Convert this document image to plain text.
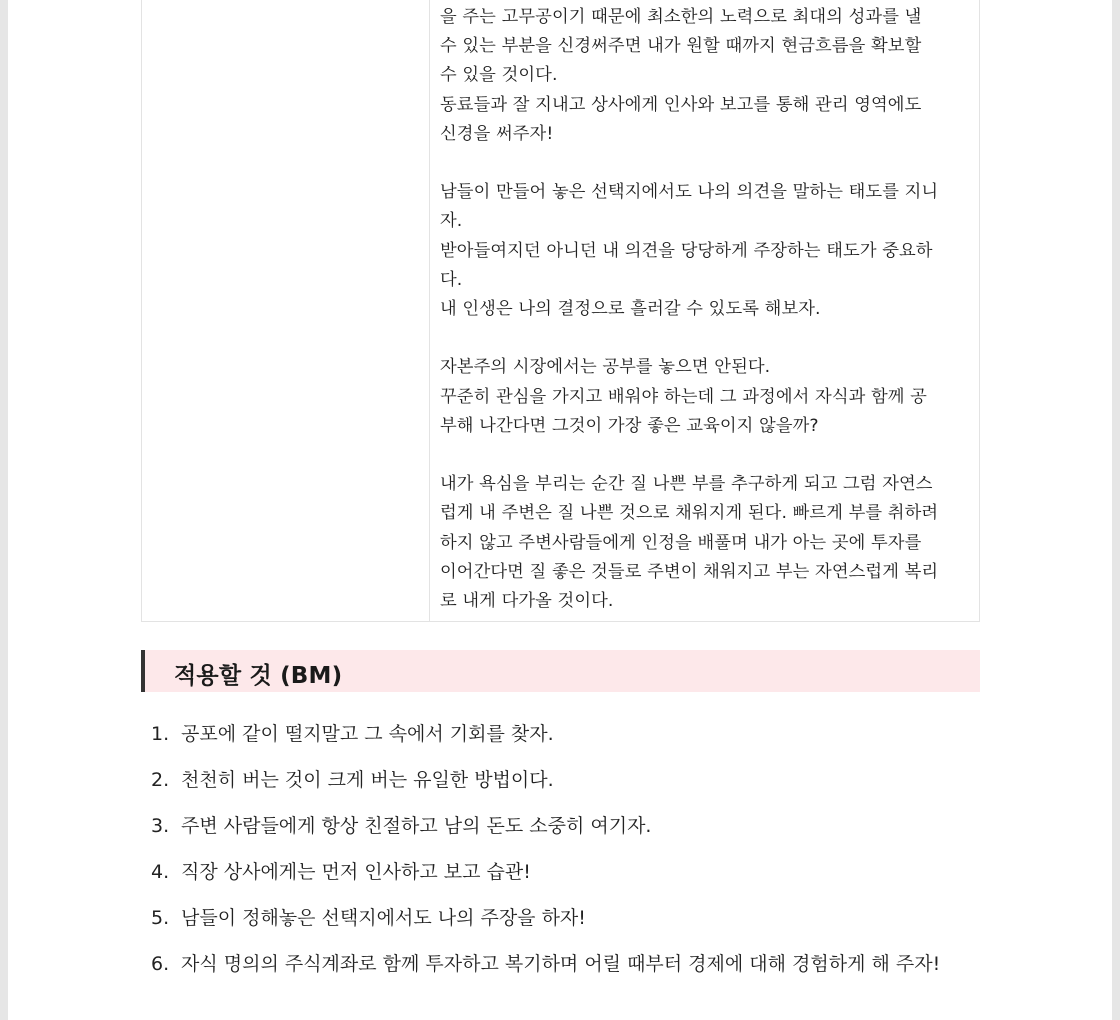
을 주는 고무공이기 때문에 최소한의 노력으로 최대의 성과를 낼

수 있는 부분을 신경써주면 내가 원할 때까지 현금흐름을 확보할

수 있을 것이다.

동료들과 잘 지내고 상사에게 인사와 보고를 통해 관리 영역에도

신경을 써주자!

남들이 만들어 놓은 선택지에서도 나의 의견을 말하는 태도를 지니

자.

받아들여지던 아니던 내 의견을 당당하게 주장하는 태도가 중요하

다.

내 인생은 나의 결정으로 흘러갈 수 있도록 해보자.

자본주의 시장에서는 공부를 놓으면 안된다.

꾸준히 관심을 가지고 배워야 하는데 그 과정에서 자식과 함께 공

부해 나간다면 그것이 가장 좋은 교육이지 않을까?

내가 욕심을 부리는 순간 질 나쁜 부를 추구하게 되고 그럼 자연스

럽게 내 주변은 질 나쁜 것으로 채워지게 된다. 빠르게 부를 취하려

하지 않고 주변사람들에게 인정을 배풀며 내가 아는 곳에 투자를

이어간다면 질 좋은 것들로 주변이 채워지고 부는 자연스럽게 복리

로 내게 다가올 것이다.

적용할 것 (BM)
1. 공포에 같이 떨지말고 그 속에서 기회를 찾자.
2. 천천히 버는 것이 크게 버는 유일한 방법이다.
3. 주변 사람들에게 항상 친절하고 남의 돈도 소중히 여기자.
4. 직장 상사에게는 먼저 인사하고 보고 습관!
5. 남들이 정해놓은 선택지에서도 나의 주장을 하자!
6. 자식 명의의 주식계좌로 함께 투자하고 복기하며 어릴 때부터 경제에 대해 경험하게 해 주자!
